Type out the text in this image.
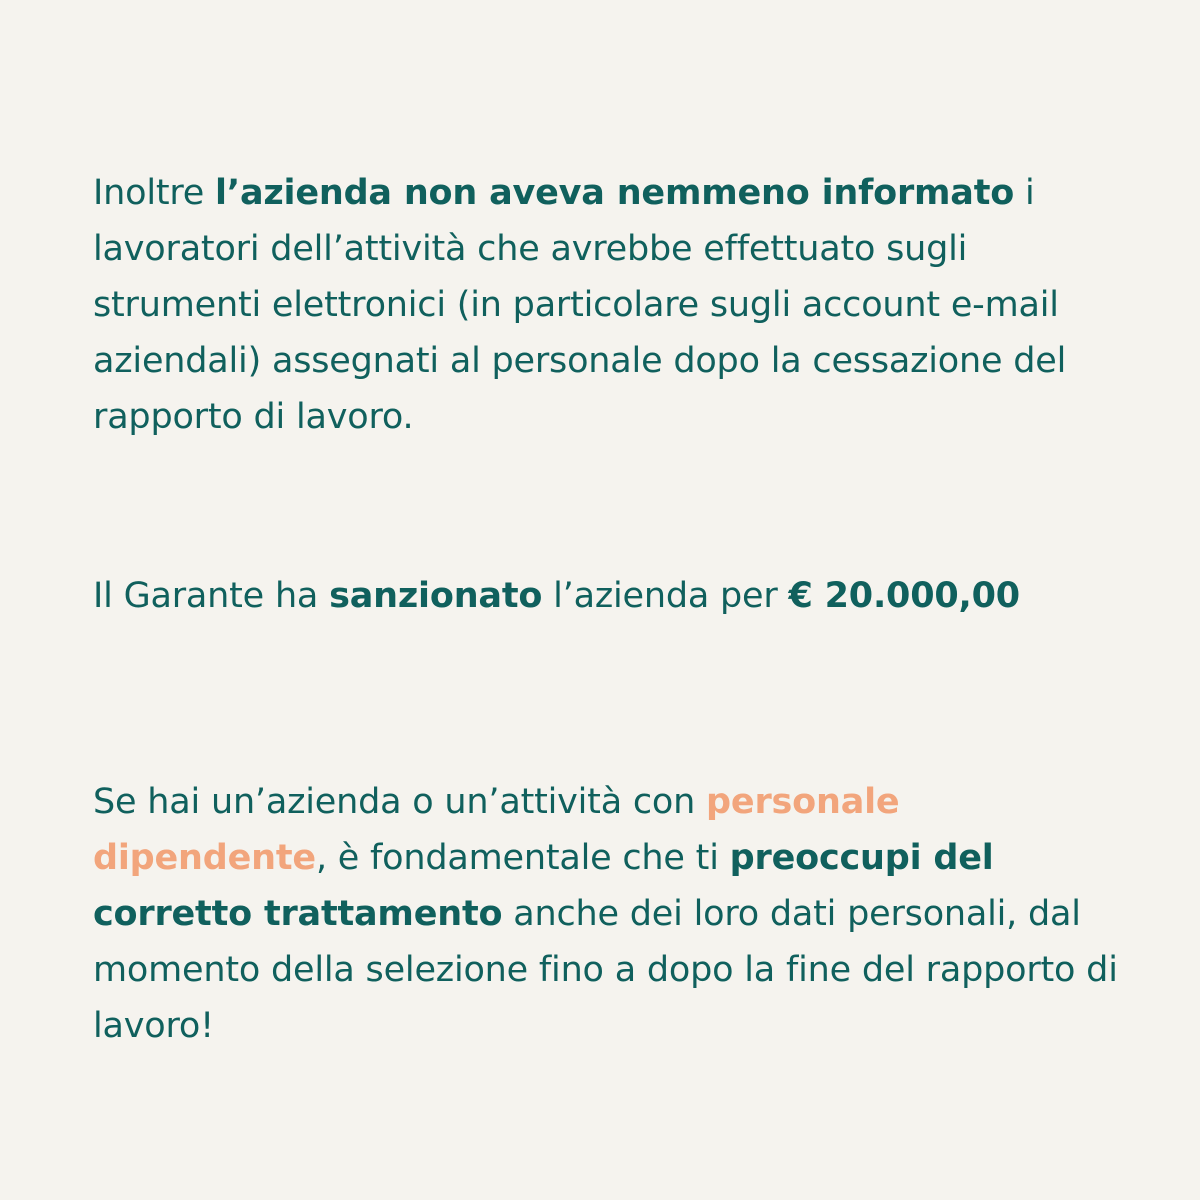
Inoltre l’azienda non aveva nemmeno informato i lavoratori dell’attività che avrebbe effettuato sugli strumenti elettronici (in particolare sugli account e-mail aziendali) assegnati al personale dopo la cessazione del rapporto di lavoro.

Il Garante ha sanzionato l’azienda per € 20.000,00

Se hai un’azienda o un’attività con personale dipendente, è fondamentale che ti preoccupi del corretto trattamento anche dei loro dati personali, dal momento della selezione fino a dopo la fine del rapporto di lavoro!
